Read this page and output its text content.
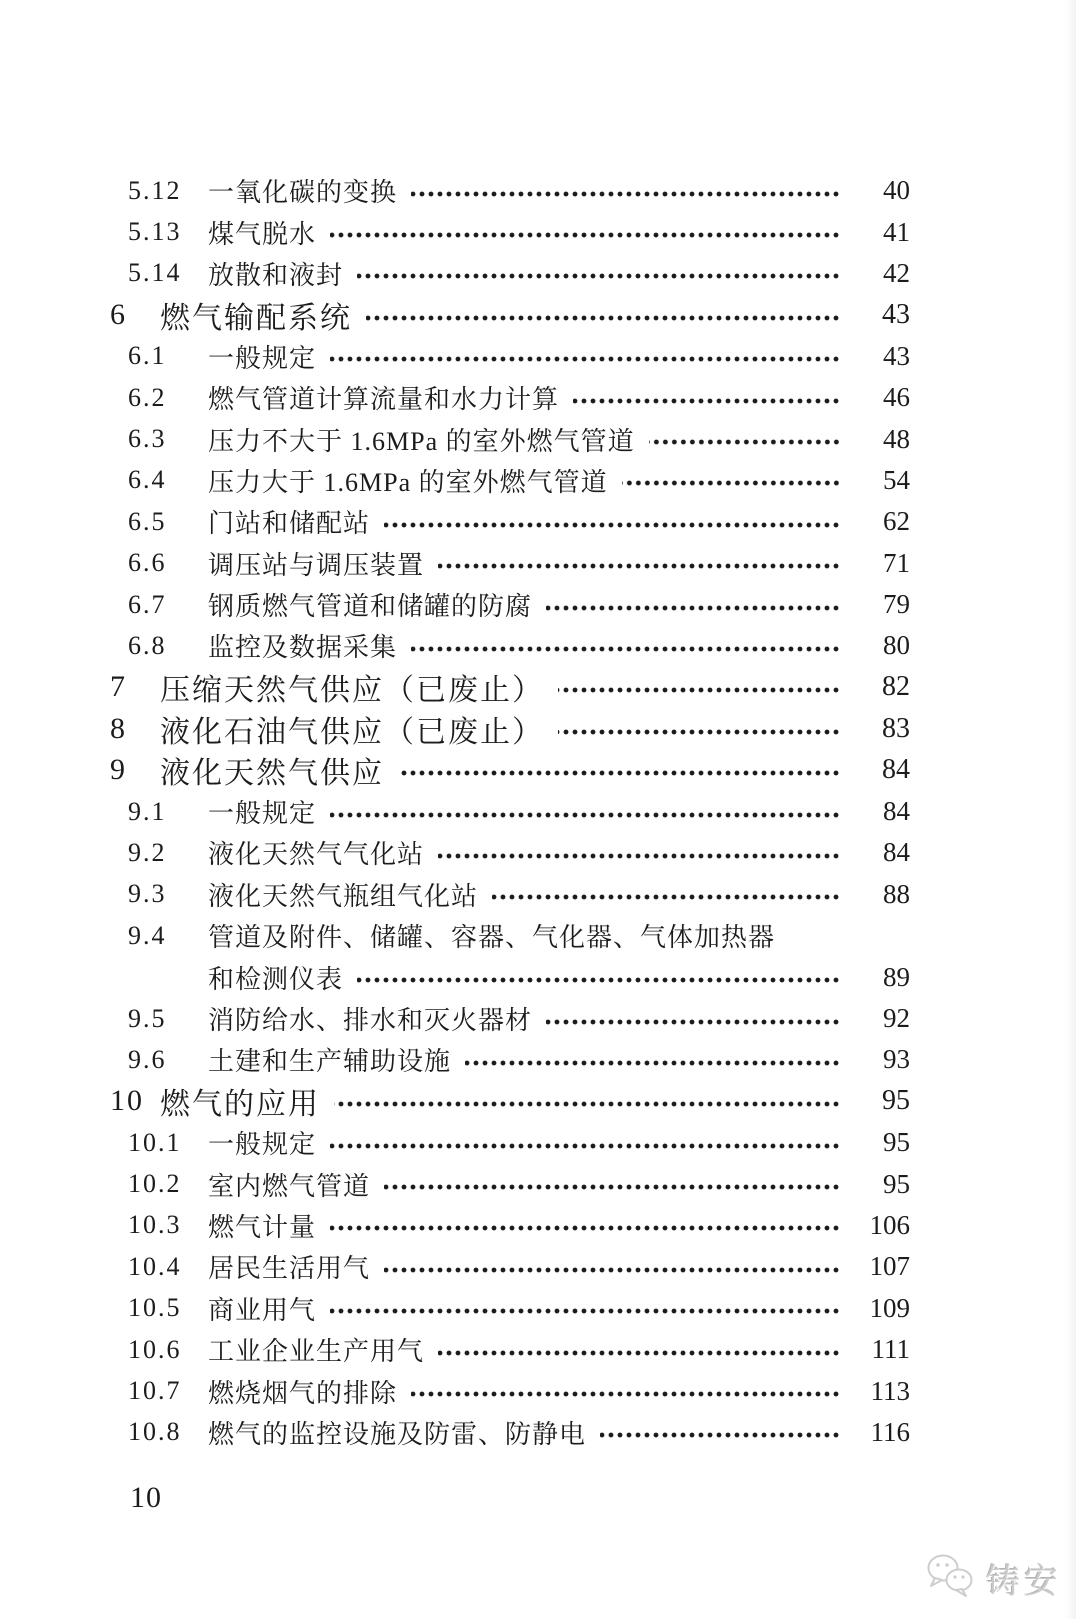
5.12	一氧化碳的变换	40
5.13	煤气脱水	41
5.14	放散和液封	42
6	燃气输配系统	43
6.1	一般规定	43
6.2	燃气管道计算流量和水力计算	46
6.3	压力不大于 1.6MPa 的室外燃气管道	48
6.4	压力大于 1.6MPa 的室外燃气管道	54
6.5	门站和储配站	62
6.6	调压站与调压装置	71
6.7	钢质燃气管道和储罐的防腐	79
6.8	监控及数据采集	80
7	压缩天然气供应（已废止）	82
8	液化石油气供应（已废止）	83
9	液化天然气供应	84
9.1	一般规定	84
9.2	液化天然气气化站	84
9.3	液化天然气瓶组气化站	88
9.4	管道及附件、储罐、容器、气化器、气体加热器
和检测仪表	89
9.5	消防给水、排水和灭火器材	92
9.6	土建和生产辅助设施	93
10 燃气的应用	95
10.1	一般规定	95
10.2	室内燃气管道	95
10.3	燃气计量	106
10.4	居民生活用气	107
10.5	商业用气	109
10.6	工业企业生产用气	111
10.7	燃烧烟气的排除	113
10.8	燃气的监控设施及防雷、防静电	116
10
铸安
